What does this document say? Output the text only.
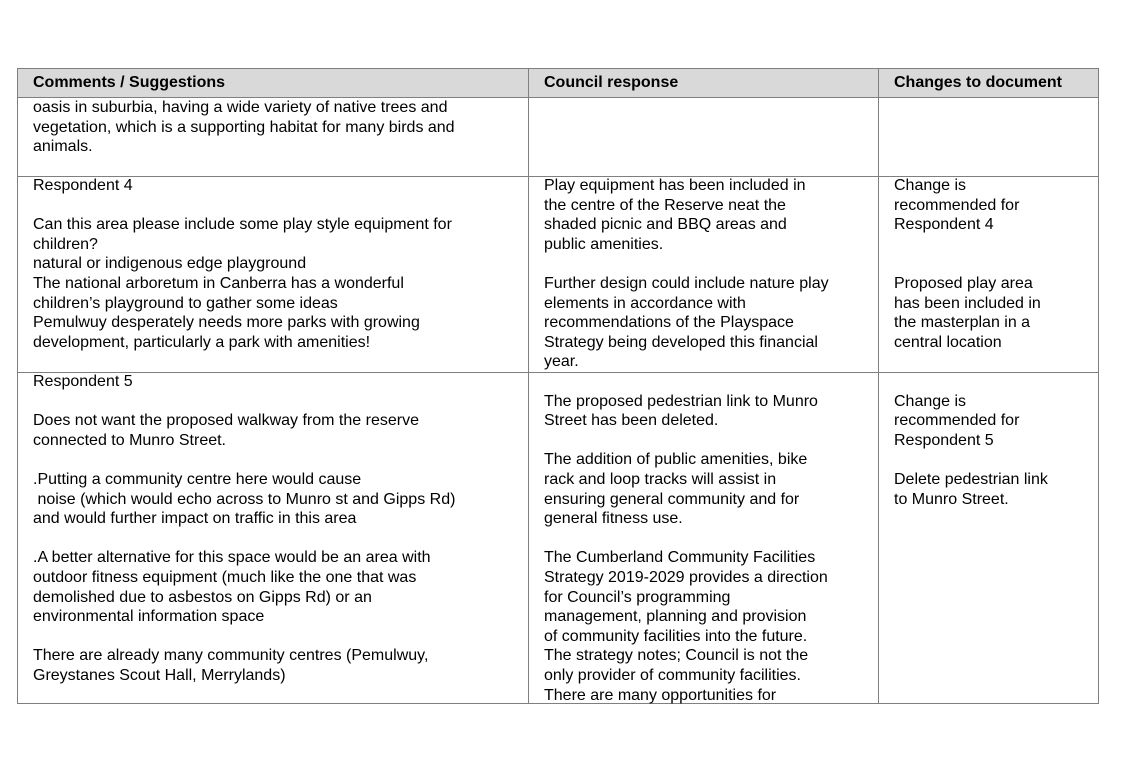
Comments / Suggestions	Council response	Changes to document
oasis in suburbia, having a wide variety of native trees and
vegetation, which is a supporting habitat for many birds and
animals.
Respondent 4

Can this area please include some play style equipment for
children?
natural or indigenous edge playground
The national arboretum in Canberra has a wonderful
children’s playground to gather some ideas
Pemulwuy desperately needs more parks with growing
development, particularly a park with amenities!
Play equipment has been included in
the centre of the Reserve neat the
shaded picnic and BBQ areas and
public amenities.

Further design could include nature play
elements in accordance with
recommendations of the Playspace
Strategy being developed this financial
year.
Change is
recommended for
Respondent 4

Proposed play area
has been included in
the masterplan in a
central location
Respondent 5

Does not want the proposed walkway from the reserve
connected to Munro Street.

.Putting a community centre here would cause
noise (which would echo across to Munro st and Gipps Rd)
and would further impact on traffic in this area

.A better alternative for this space would be an area with
outdoor fitness equipment (much like the one that was
demolished due to asbestos on Gipps Rd) or an
environmental information space

There are already many community centres (Pemulwuy,
Greystanes Scout Hall, Merrylands)

The proposed pedestrian link to Munro
Street has been deleted.

The addition of public amenities, bike
rack and loop tracks will assist in
ensuring general community and for
general fitness use.

The Cumberland Community Facilities
Strategy 2019-2029 provides a direction
for Council’s programming
management, planning and provision
of community facilities into the future.
The strategy notes; Council is not the
only provider of community facilities.
There are many opportunities for

Change is
recommended for
Respondent 5

Delete pedestrian link
to Munro Street.
